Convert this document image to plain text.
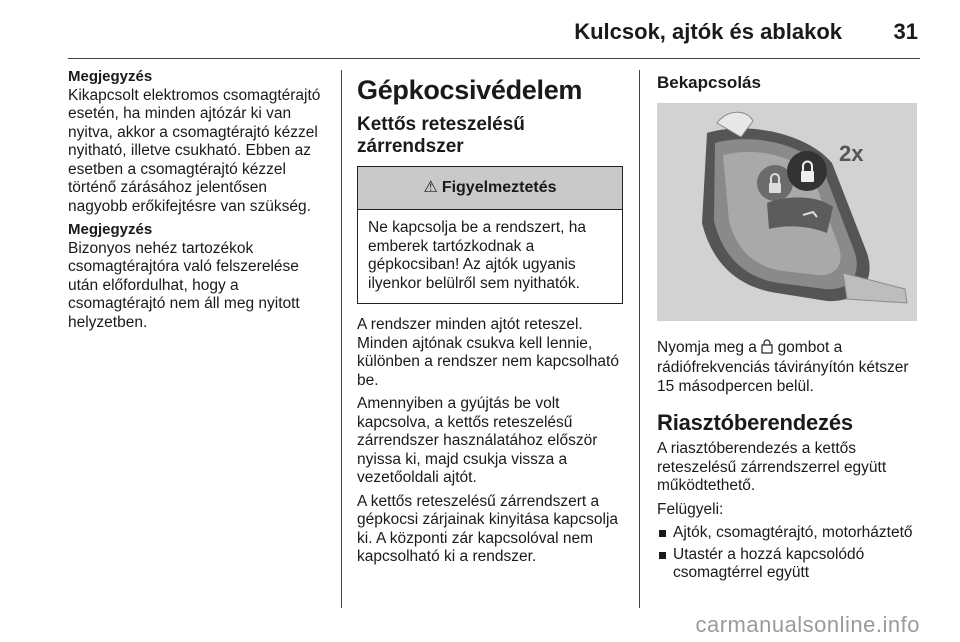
Kulcsok, ajtók és ablakok 31
Megjegyzés

Kikapcsolt elektromos csomagtérajtó esetén, ha minden ajtózár ki van nyitva, akkor a csomagtérajtó kézzel nyitható, illetve csukható. Ebben az esetben a csomagtérajtó kézzel történő zárásához jelentősen nagyobb erőkifejtésre van szükség.

Megjegyzés

Bizonyos nehéz tartozékok csomagtérajtóra való felszerelése után előfordulhat, hogy a csomagtérajtó nem áll meg nyitott helyzetben.

Gépkocsivédelem
Kettős reteszelésű zárrendszer
⚠ Figyelmeztetés
Ne kapcsolja be a rendszert, ha emberek tartózkodnak a gépkocsiban! Az ajtók ugyanis ilyenkor belülről sem nyithatók.

A rendszer minden ajtót reteszel. Minden ajtónak csukva kell lennie, különben a rendszer nem kapcsolható be.

Amennyiben a gyújtás be volt kapcsolva, a kettős reteszelésű zárrendszer használatához először nyissa ki, majd csukja vissza a vezetőoldali ajtót.

A kettős reteszelésű zárrendszert a gépkocsi zárjainak kinyitása kapcsolja ki. A központi zár kapcsolóval nem kapcsolható ki a rendszer.

Bekapcsolás
2x

Nyomja meg a gombot a rádiófrekvenciás távirányítón kétszer 15 másodpercen belül.

Riasztóberendezés

A riasztóberendezés a kettős reteszelésű zárrendszerrel együtt működtethető.

Felügyeli:

Ajtók, csomagtérajtó, motorháztető
Utastér a hozzá kapcsolódó csomagtérrel együtt
carmanualsonline.info
